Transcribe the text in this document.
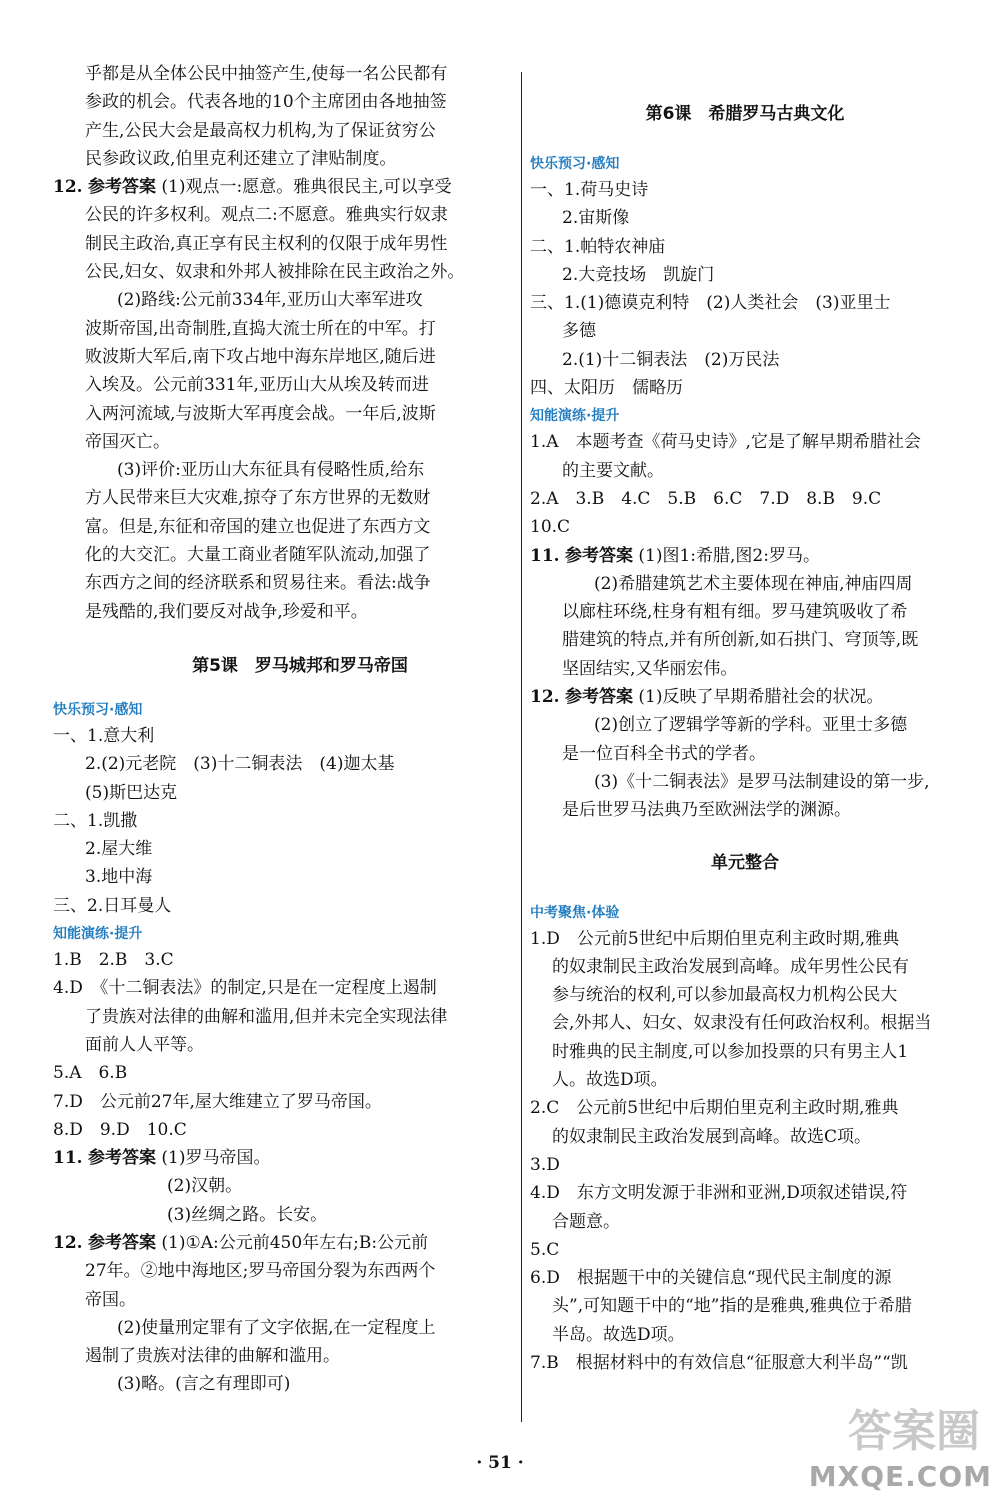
乎都是从全体公民中抽签产生,使每一名公民都有
参政的机会。代表各地的10个主席团由各地抽签
产生,公民大会是最高权力机构,为了保证贫穷公
民参政议政,伯里克利还建立了津贴制度。
12. 参考答案 (1)观点一:愿意。雅典很民主,可以享受
公民的许多权利。观点二:不愿意。雅典实行奴隶
制民主政治,真正享有民主权利的仅限于成年男性
公民,妇女、奴隶和外邦人被排除在民主政治之外。
(2)路线:公元前334年,亚历山大率军进攻
波斯帝国,出奇制胜,直捣大流士所在的中军。打
败波斯大军后,南下攻占地中海东岸地区,随后进
入埃及。公元前331年,亚历山大从埃及转而进
入两河流域,与波斯大军再度会战。一年后,波斯
帝国灭亡。
(3)评价:亚历山大东征具有侵略性质,给东
方人民带来巨大灾难,掠夺了东方世界的无数财
富。但是,东征和帝国的建立也促进了东西方文
化的大交汇。大量工商业者随军队流动,加强了
东西方之间的经济联系和贸易往来。看法:战争
是残酷的,我们要反对战争,珍爱和平。
第5课　罗马城邦和罗马帝国
快乐预习·感知
一、1.意大利
2.(2)元老院　(3)十二铜表法　(4)迦太基
(5)斯巴达克
二、1.凯撒
2.屋大维
3.地中海
三、2.日耳曼人
知能演练·提升
1.B　2.B　3.C
4.D　《十二铜表法》的制定,只是在一定程度上遏制
了贵族对法律的曲解和滥用,但并未完全实现法律
面前人人平等。
5.A　6.B
7.D　公元前27年,屋大维建立了罗马帝国。
8.D　9.D　10.C
11. 参考答案 (1)罗马帝国。
(2)汉朝。
(3)丝绸之路。长安。
12. 参考答案 (1)①A:公元前450年左右;B:公元前
27年。②地中海地区;罗马帝国分裂为东西两个
帝国。
(2)使量刑定罪有了文字依据,在一定程度上
遏制了贵族对法律的曲解和滥用。
(3)略。(言之有理即可)
第6课　希腊罗马古典文化
快乐预习·感知
一、1.荷马史诗
2.宙斯像
二、1.帕特农神庙
2.大竞技场　凯旋门
三、1.(1)德谟克利特　(2)人类社会　(3)亚里士
多德
2.(1)十二铜表法　(2)万民法
四、太阳历　儒略历
知能演练·提升
1.A　本题考查《荷马史诗》,它是了解早期希腊社会
的主要文献。
2.A　3.B　4.C　5.B　6.C　7.D　8.B　9.C
10.C
11. 参考答案 (1)图1:希腊,图2:罗马。
(2)希腊建筑艺术主要体现在神庙,神庙四周
以廊柱环绕,柱身有粗有细。罗马建筑吸收了希
腊建筑的特点,并有所创新,如石拱门、穹顶等,既
坚固结实,又华丽宏伟。
12. 参考答案 (1)反映了早期希腊社会的状况。
(2)创立了逻辑学等新的学科。亚里士多德
是一位百科全书式的学者。
(3)《十二铜表法》是罗马法制建设的第一步,
是后世罗马法典乃至欧洲法学的渊源。
单元整合
中考聚焦·体验
1.D　公元前5世纪中后期伯里克利主政时期,雅典
的奴隶制民主政治发展到高峰。成年男性公民有
参与统治的权利,可以参加最高权力机构公民大
会,外邦人、妇女、奴隶没有任何政治权利。根据当
时雅典的民主制度,可以参加投票的只有男主人1
人。故选D项。
2.C　公元前5世纪中后期伯里克利主政时期,雅典
的奴隶制民主政治发展到高峰。故选C项。
3.D
4.D　东方文明发源于非洲和亚洲,D项叙述错误,符
合题意。
5.C
6.D　根据题干中的关键信息“现代民主制度的源
头”,可知题干中的“地”指的是雅典,雅典位于希腊
半岛。故选D项。
7.B　根据材料中的有效信息“征服意大利半岛”“凯
· 51 ·
答案圈
MXQE.COM
